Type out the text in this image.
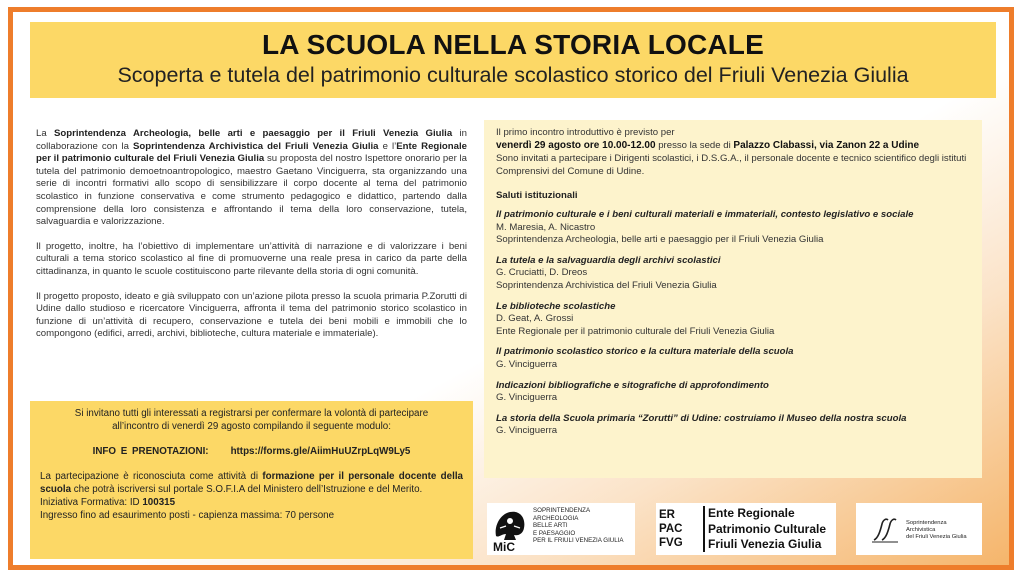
LA SCUOLA NELLA STORIA LOCALE
Scoperta e tutela del patrimonio culturale scolastico storico del Friuli Venezia Giulia

La Soprintendenza Archeologia, belle arti e paesaggio per il Friuli Venezia Giulia in collaborazione con la Soprintendenza Archivistica del Friuli Venezia Giulia e l’Ente Regionale per il patrimonio culturale del Friuli Venezia Giulia su proposta del nostro Ispettore onorario per la tutela del patrimonio demoetnoantropologico, maestro Gaetano Vinciguerra, sta organizzando una serie di incontri formativi allo scopo di sensibilizzare il corpo docente al tema del patrimonio scolastico in funzione conservativa e come strumento pedagogico e didattico, partendo dalla comprensione della loro consistenza e affrontando il tema della loro conservazione, tutela, salvaguardia e valorizzazione.

Il progetto, inoltre, ha l’obiettivo di implementare un’attività di narrazione e di valorizzare i beni culturali a tema storico scolastico al fine di promuoverne una reale presa in carico da parte della cittadinanza, in quanto le scuole costituiscono parte rilevante della storia di ogni comunità.

Il progetto proposto, ideato e già sviluppato con un’azione pilota presso la scuola primaria P.Zorutti di Udine dallo studioso e ricercatore Vinciguerra, affronta il tema del patrimonio storico scolastico in funzione di un’attività di recupero, conservazione e tutela dei beni mobili e immobili che lo compongono (edifici, arredi, archivi, biblioteche, cultura materiale e immateriale).

Si invitano tutti gli interessati a registrarsi per confermare la volontà di partecipare
all’incontro di venerdì 29 agosto compilando il seguente modulo:
INFO E PRENOTAZIONI: https://forms.gle/AiimHuUZrpLqW9Ly5
La partecipazione è riconosciuta come attività di formazione per il personale docente della scuola che potrà iscriversi sul portale S.O.F.I.A del Ministero dell’Istruzione e del Merito.
Iniziativa Formativa: ID 100315
Ingresso fino ad esaurimento posti - capienza massima: 70 persone
Il primo incontro introduttivo è previsto per
venerdì 29 agosto ore 10.00-12.00 presso la sede di Palazzo Clabassi, via Zanon 22 a Udine
Sono invitati a partecipare i Dirigenti scolastici, i D.S.G.A., il personale docente e tecnico scientifico degli istituti Comprensivi del Comune di Udine.
Saluti istituzionali
Il patrimonio culturale e i beni culturali materiali e immateriali, contesto legislativo e sociale
M. Maresia, A. Nicastro
Soprintendenza Archeologia, belle arti e paesaggio per il Friuli Venezia Giulia
La tutela e la salvaguardia degli archivi scolastici
G. Cruciatti, D. Dreos
Soprintendenza Archivistica del Friuli Venezia Giulia
Le biblioteche scolastiche
D. Geat, A. Grossi
Ente Regionale per il patrimonio culturale del Friuli Venezia Giulia
Il patrimonio scolastico storico e la cultura materiale della scuola
G. Vinciguerra
Indicazioni bibliografiche e sitografiche di approfondimento
G. Vinciguerra
La storia della Scuola primaria “Zorutti” di Udine: costruiamo il Museo della nostra scuola
G. Vinciguerra
MiC
SOPRINTENDENZA
ARCHEOLOGIA
BELLE ARTI
E PAESAGGIO
PER IL FRIULI VENEZIA GIULIA
ER
PAC
FVG
Ente Regionale
Patrimonio Culturale
Friuli Venezia Giulia
Soprintendenza
Archivistica
del Friuli Venezia Giulia
